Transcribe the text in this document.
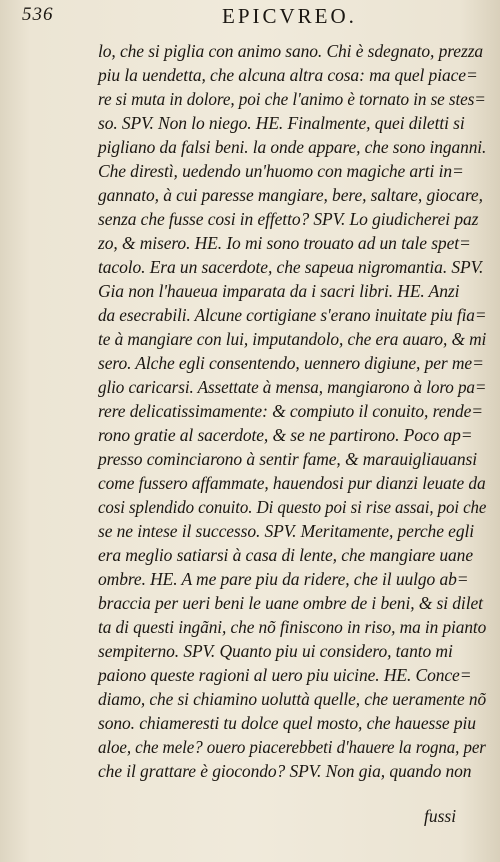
536	EPICVREO.
lo, che si piglia con animo sano. Chi è sdegnato, prezza
piu la uendetta, che alcuna altra cosa: ma quel piace=
re si muta in dolore, poi che l'animo è tornato in se stes=
so. SPV. Non lo niego. HE. Finalmente, quei diletti si
pigliano da falsi beni. la onde appare, che sono inganni.
Che direstì, uedendo un'huomo con magiche arti in=
gannato, à cui paresse mangiare, bere, saltare, giocare,
senza che fusse cosi in effetto? SPV. Lo giudicherei paz
zo, & misero. HE. Io mi sono trouato ad un tale spet=
tacolo. Era un sacerdote, che sapeua nigromantia. SPV.
Gia non l'haueua imparata da i sacri libri. HE. Anzi
da esecrabili. Alcune cortigiane s'erano inuitate piu fia=
te à mangiare con lui, imputandolo, che era auaro, & mi
sero. Alche egli consentendo, uennero digiune, per me=
glio caricarsi. Assettate à mensa, mangiarono à loro pa=
rere delicatissimamente: & compiuto il conuito, rende=
rono gratie al sacerdote, & se ne partirono. Poco ap=
presso cominciarono à sentir fame, & marauigliauansi
come fussero affammate, hauendosi pur dianzi leuate da
cosi splendido conuito. Di questo poi si rise assai, poi che
se ne intese il successo. SPV. Meritamente, perche egli
era meglio satiarsi à casa di lente, che mangiare uane
ombre. HE. A me pare piu da ridere, che il uulgo ab=
braccia per ueri beni le uane ombre de i beni, & si dilet
ta di questi ingãni, che nõ finiscono in riso, ma in pianto
sempiterno. SPV. Quanto piu ui considero, tanto mi
paiono queste ragioni al uero piu uicine. HE. Conce=
diamo, che si chiamino uoluttà quelle, che ueramente nõ
sono. chiameresti tu dolce quel mosto, che hauesse piu
aloe, che mele? ouero piacerebbeti d'hauere la rogna, per
che il grattare è giocondo? SPV. Non gia, quando non
fussi
